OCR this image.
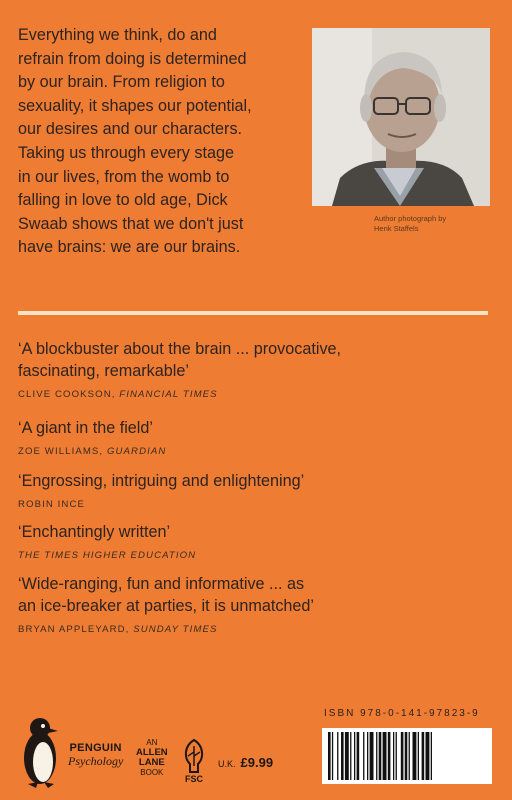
Everything we think, do and
refrain from doing is determined
by our brain. From religion to
sexuality, it shapes our potential,
our desires and our characters.
Taking us through every stage
in our lives, from the womb to
falling in love to old age, Dick
Swaab shows that we don't just
have brains: we are our brains.
Author photograph by
Henk Staffels
‘A blockbuster about the brain ... provocative,
fascinating, remarkable’
CLIVE COOKSON, FINANCIAL TIMES
‘A giant in the field’
ZOE WILLIAMS, GUARDIAN
‘Engrossing, intriguing and enlightening’
ROBIN INCE
‘Enchantingly written’
THE TIMES HIGHER EDUCATION
‘Wide-ranging, fun and informative ... as
an ice-breaker at parties, it is unmatched’
BRYAN APPLEYARD, SUNDAY TIMES
PENGUIN
Psychology
AN
ALLEN
LANE
BOOK
FSC
U.K. £9.99
ISBN 978-0-141-97823-9
